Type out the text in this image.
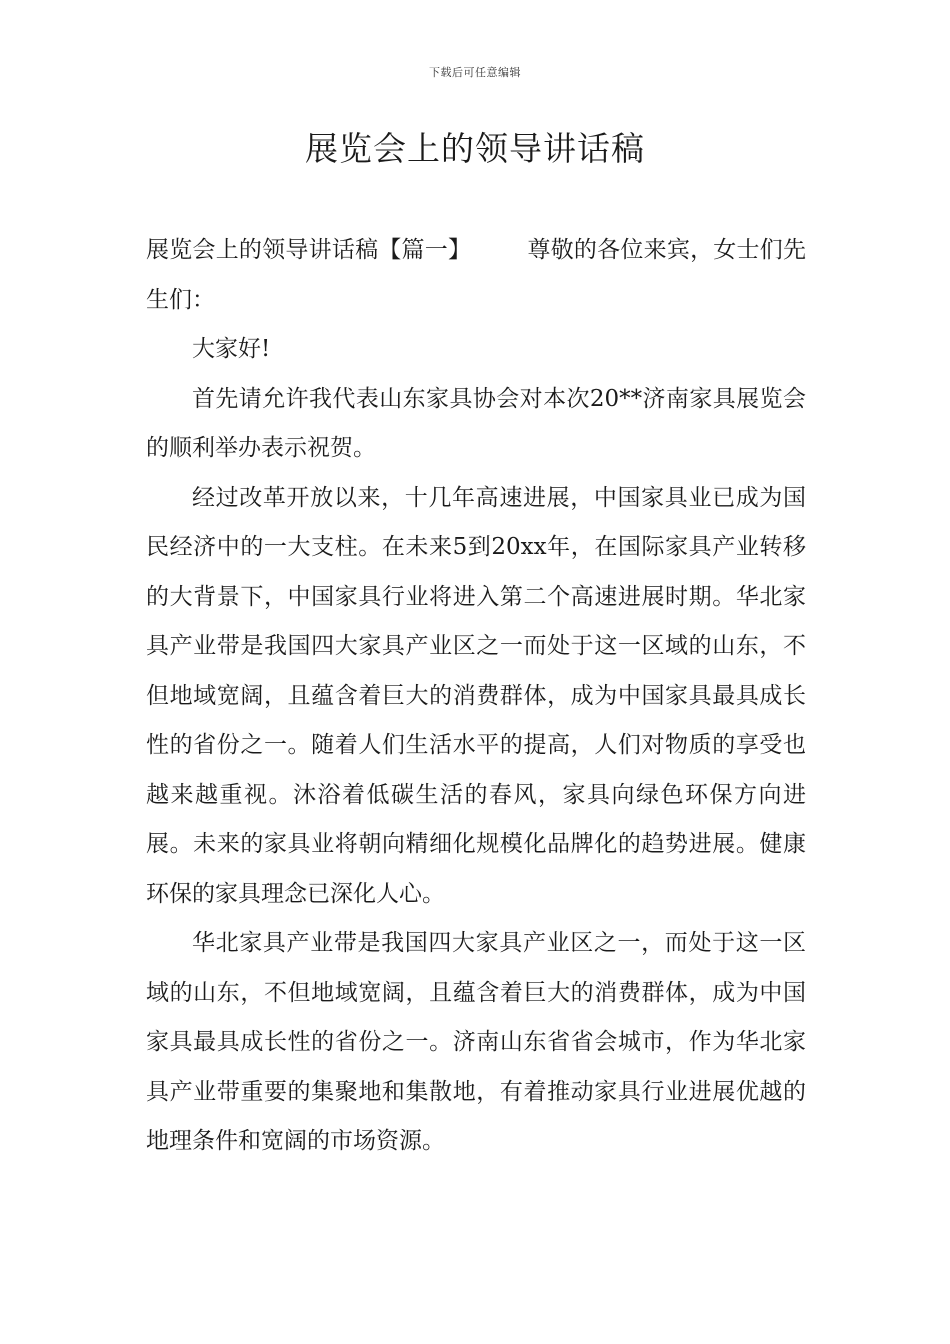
下载后可任意编辑
展览会上的领导讲话稿

展览会上的领导讲话稿【篇一】 尊敬的各位来宾，女士们先生们：

大家好!

首先请允许我代表山东家具协会对本次20**济南家具展览会的顺利举办表示祝贺。

经过改革开放以来，十几年高速进展，中国家具业已成为国民经济中的一大支柱。在未来5到20xx年，在国际家具产业转移的大背景下，中国家具行业将进入第二个高速进展时期。华北家具产业带是我国四大家具产业区之一而处于这一区域的山东，不但地域宽阔，且蕴含着巨大的消费群体，成为中国家具最具成长性的省份之一。随着人们生活水平的提高，人们对物质的享受也越来越重视。沐浴着低碳生活的春风，家具向绿色环保方向进展。未来的家具业将朝向精细化规模化品牌化的趋势进展。健康环保的家具理念已深化人心。

华北家具产业带是我国四大家具产业区之一，而处于这一区域的山东，不但地域宽阔，且蕴含着巨大的消费群体，成为中国家具最具成长性的省份之一。济南山东省省会城市，作为华北家具产业带重要的集聚地和集散地，有着推动家具行业进展优越的地理条件和宽阔的市场资源。
